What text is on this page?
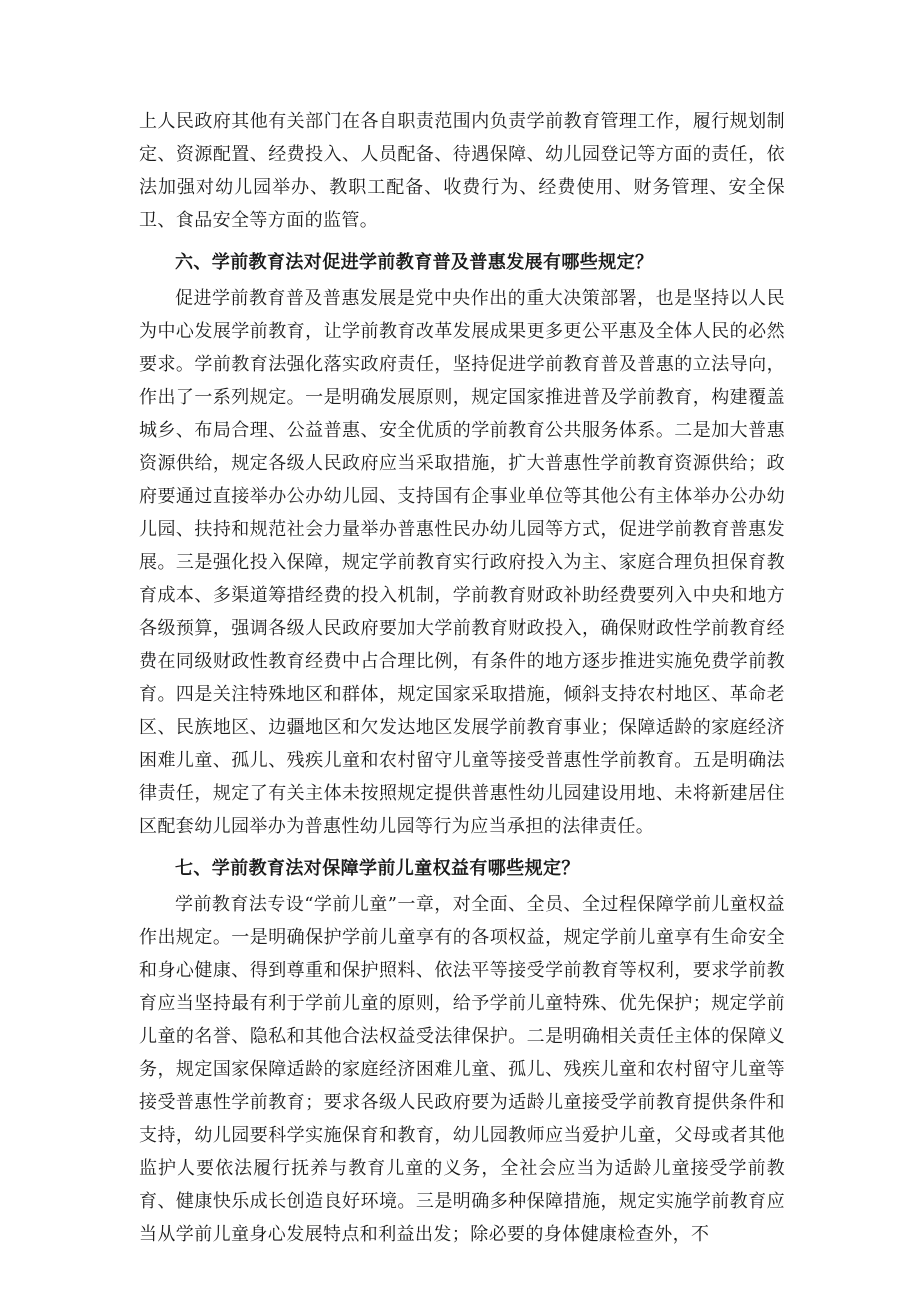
上人民政府其他有关部门在各自职责范围内负责学前教育管理工作，履行规划制定、资源配置、经费投入、人员配备、待遇保障、幼儿园登记等方面的责任，依法加强对幼儿园举办、教职工配备、收费行为、经费使用、财务管理、安全保卫、食品安全等方面的监管。

六、学前教育法对促进学前教育普及普惠发展有哪些规定？

促进学前教育普及普惠发展是党中央作出的重大决策部署，也是坚持以人民为中心发展学前教育，让学前教育改革发展成果更多更公平惠及全体人民的必然要求。学前教育法强化落实政府责任，坚持促进学前教育普及普惠的立法导向，作出了一系列规定。一是明确发展原则，规定国家推进普及学前教育，构建覆盖城乡、布局合理、公益普惠、安全优质的学前教育公共服务体系。二是加大普惠资源供给，规定各级人民政府应当采取措施，扩大普惠性学前教育资源供给；政府要通过直接举办公办幼儿园、支持国有企事业单位等其他公有主体举办公办幼儿园、扶持和规范社会力量举办普惠性民办幼儿园等方式，促进学前教育普惠发展。三是强化投入保障，规定学前教育实行政府投入为主、家庭合理负担保育教育成本、多渠道筹措经费的投入机制，学前教育财政补助经费要列入中央和地方各级预算，强调各级人民政府要加大学前教育财政投入，确保财政性学前教育经费在同级财政性教育经费中占合理比例，有条件的地方逐步推进实施免费学前教育。四是关注特殊地区和群体，规定国家采取措施，倾斜支持农村地区、革命老区、民族地区、边疆地区和欠发达地区发展学前教育事业；保障适龄的家庭经济困难儿童、孤儿、残疾儿童和农村留守儿童等接受普惠性学前教育。五是明确法律责任，规定了有关主体未按照规定提供普惠性幼儿园建设用地、未将新建居住区配套幼儿园举办为普惠性幼儿园等行为应当承担的法律责任。

七、学前教育法对保障学前儿童权益有哪些规定？

学前教育法专设“学前儿童”一章，对全面、全员、全过程保障学前儿童权益作出规定。一是明确保护学前儿童享有的各项权益，规定学前儿童享有生命安全和身心健康、得到尊重和保护照料、依法平等接受学前教育等权利，要求学前教育应当坚持最有利于学前儿童的原则，给予学前儿童特殊、优先保护；规定学前儿童的名誉、隐私和其他合法权益受法律保护。二是明确相关责任主体的保障义务，规定国家保障适龄的家庭经济困难儿童、孤儿、残疾儿童和农村留守儿童等接受普惠性学前教育；要求各级人民政府要为适龄儿童接受学前教育提供条件和支持，幼儿园要科学实施保育和教育，幼儿园教师应当爱护儿童，父母或者其他监护人要依法履行抚养与教育儿童的义务，全社会应当为适龄儿童接受学前教育、健康快乐成长创造良好环境。三是明确多种保障措施，规定实施学前教育应当从学前儿童身心发展特点和利益出发；除必要的身体健康检查外，不
